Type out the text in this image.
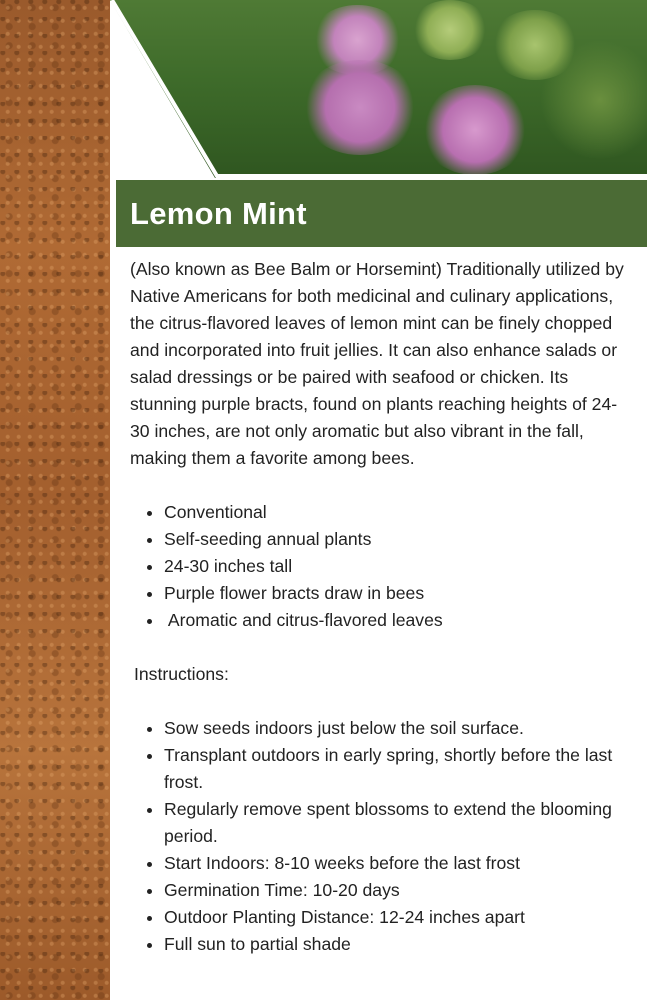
Lemon Mint

(Also known as Bee Balm or Horsemint) Traditionally utilized by Native Americans for both medicinal and culinary applications, the citrus-flavored leaves of lemon mint can be finely chopped and incorporated into fruit jellies. It can also enhance salads or salad dressings or be paired with seafood or chicken. Its stunning purple bracts, found on plants reaching heights of 24-30 inches, are not only aromatic but also vibrant in the fall, making them a favorite among bees.

• Conventional
• Self-seeding annual plants
• 24-30 inches tall
• Purple flower bracts draw in bees
•  Aromatic and citrus-flavored leaves

Instructions:

• Sow seeds indoors just below the soil surface.
• Transplant outdoors in early spring, shortly before the last frost.
• Regularly remove spent blossoms to extend the blooming period.
• Start Indoors: 8-10 weeks before the last frost
• Germination Time: 10-20 days
• Outdoor Planting Distance: 12-24 inches apart
• Full sun to partial shade
